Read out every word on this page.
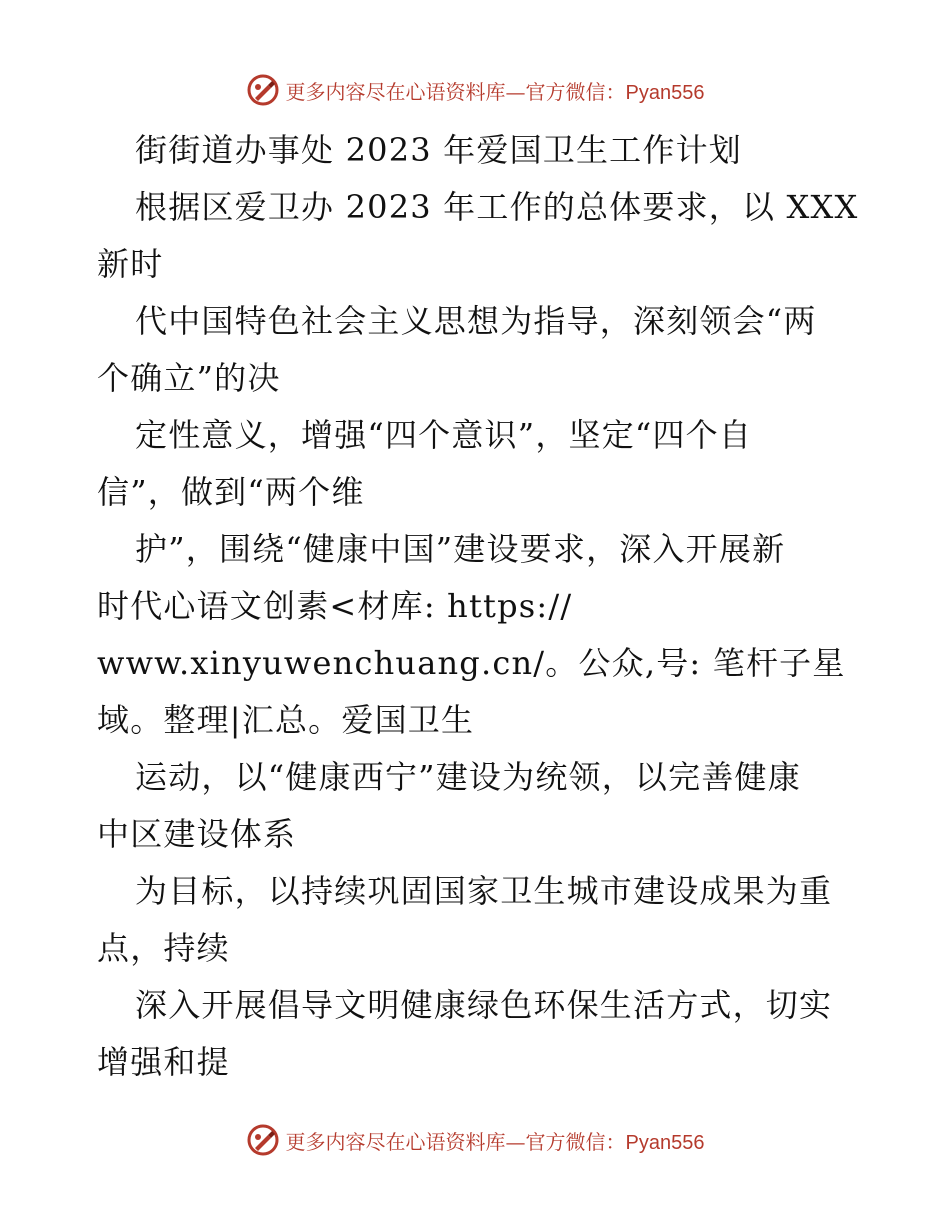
更多内容尽在心语资料库—官方微信：Pyan556
街街道办事处 2023 年爱国卫生工作计划
根据区爱卫办 2023 年工作的总体要求，以 XXX
新时
代中国特色社会主义思想为指导，深刻领会“两
个确立”的决
定性意义，增强“四个意识”，坚定“四个自
信”，做到“两个维
护”，围绕“健康中国”建设要求，深入开展新
时代心语文创素<材库: https://
www.xinyuwenchuang.cn/。公众,号: 笔杆子星
域。整理|汇总。爱国卫生
运动，以“健康西宁”建设为统领，以完善健康
中区建设体系
为目标，以持续巩固国家卫生城市建设成果为重
点，持续
深入开展倡导文明健康绿色环保生活方式，切实
增强和提
更多内容尽在心语资料库—官方微信：Pyan556
